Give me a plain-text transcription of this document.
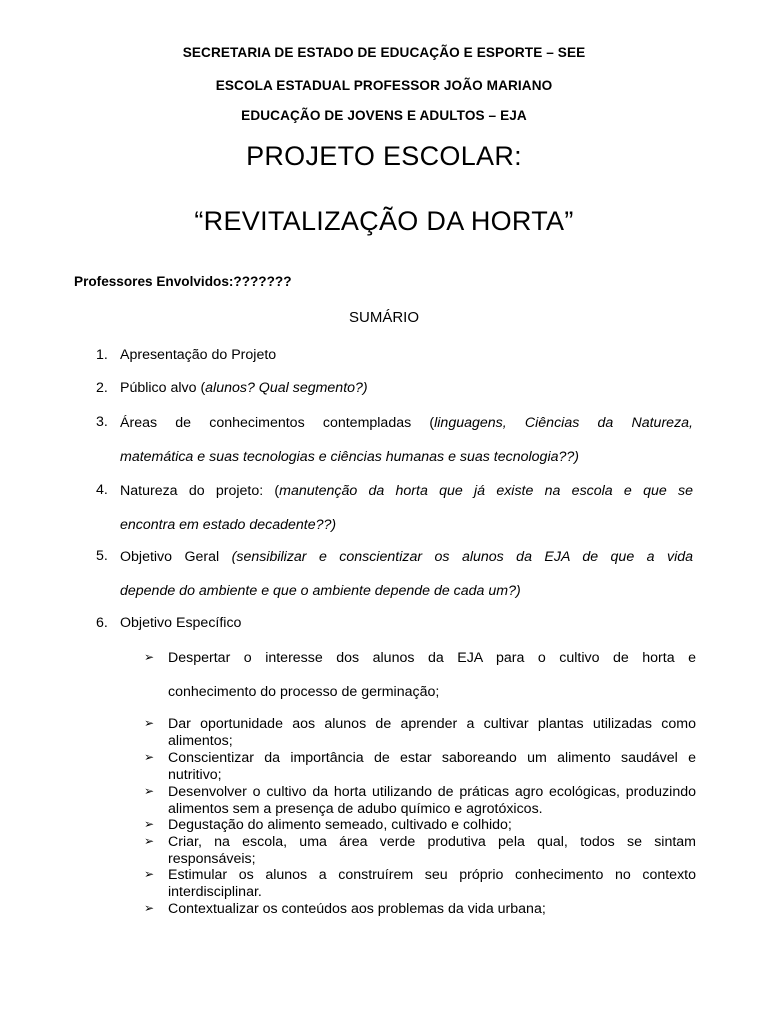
SECRETARIA DE ESTADO DE EDUCAÇÃO E ESPORTE – SEE
ESCOLA ESTADUAL PROFESSOR JOÃO MARIANO
EDUCAÇÃO DE JOVENS E ADULTOS – EJA
PROJETO ESCOLAR:
“REVITALIZAÇÃO DA HORTA”
Professores Envolvidos:???????
SUMÁRIO
1. Apresentação do Projeto
2. Público alvo (alunos? Qual segmento?)
3. Áreas de conhecimentos contempladas (linguagens, Ciências da Natureza,
matemática e suas tecnologias e ciências humanas e suas tecnologia??)
4. Natureza do projeto: (manutenção da horta que já existe na escola e que se
encontra em estado decadente??)
5. Objetivo Geral (sensibilizar e conscientizar os alunos da EJA de que a vida
depende do ambiente e que o ambiente depende de cada um?)
6. Objetivo Específico
➢ Despertar o interesse dos alunos da EJA para o cultivo de horta e
conhecimento do processo de germinação;
➢ Dar oportunidade aos alunos de aprender a cultivar plantas utilizadas como alimentos;
➢ Conscientizar da importância de estar saboreando um alimento saudável e nutritivo;
➢ Desenvolver o cultivo da horta utilizando de práticas agro ecológicas, produzindo alimentos sem a presença de adubo químico e agrotóxicos.
➢ Degustação do alimento semeado, cultivado e colhido;
➢ Criar, na escola, uma área verde produtiva pela qual, todos se sintam responsáveis;
➢ Estimular os alunos a construírem seu próprio conhecimento no contexto interdisciplinar.
➢ Contextualizar os conteúdos aos problemas da vida urbana;
